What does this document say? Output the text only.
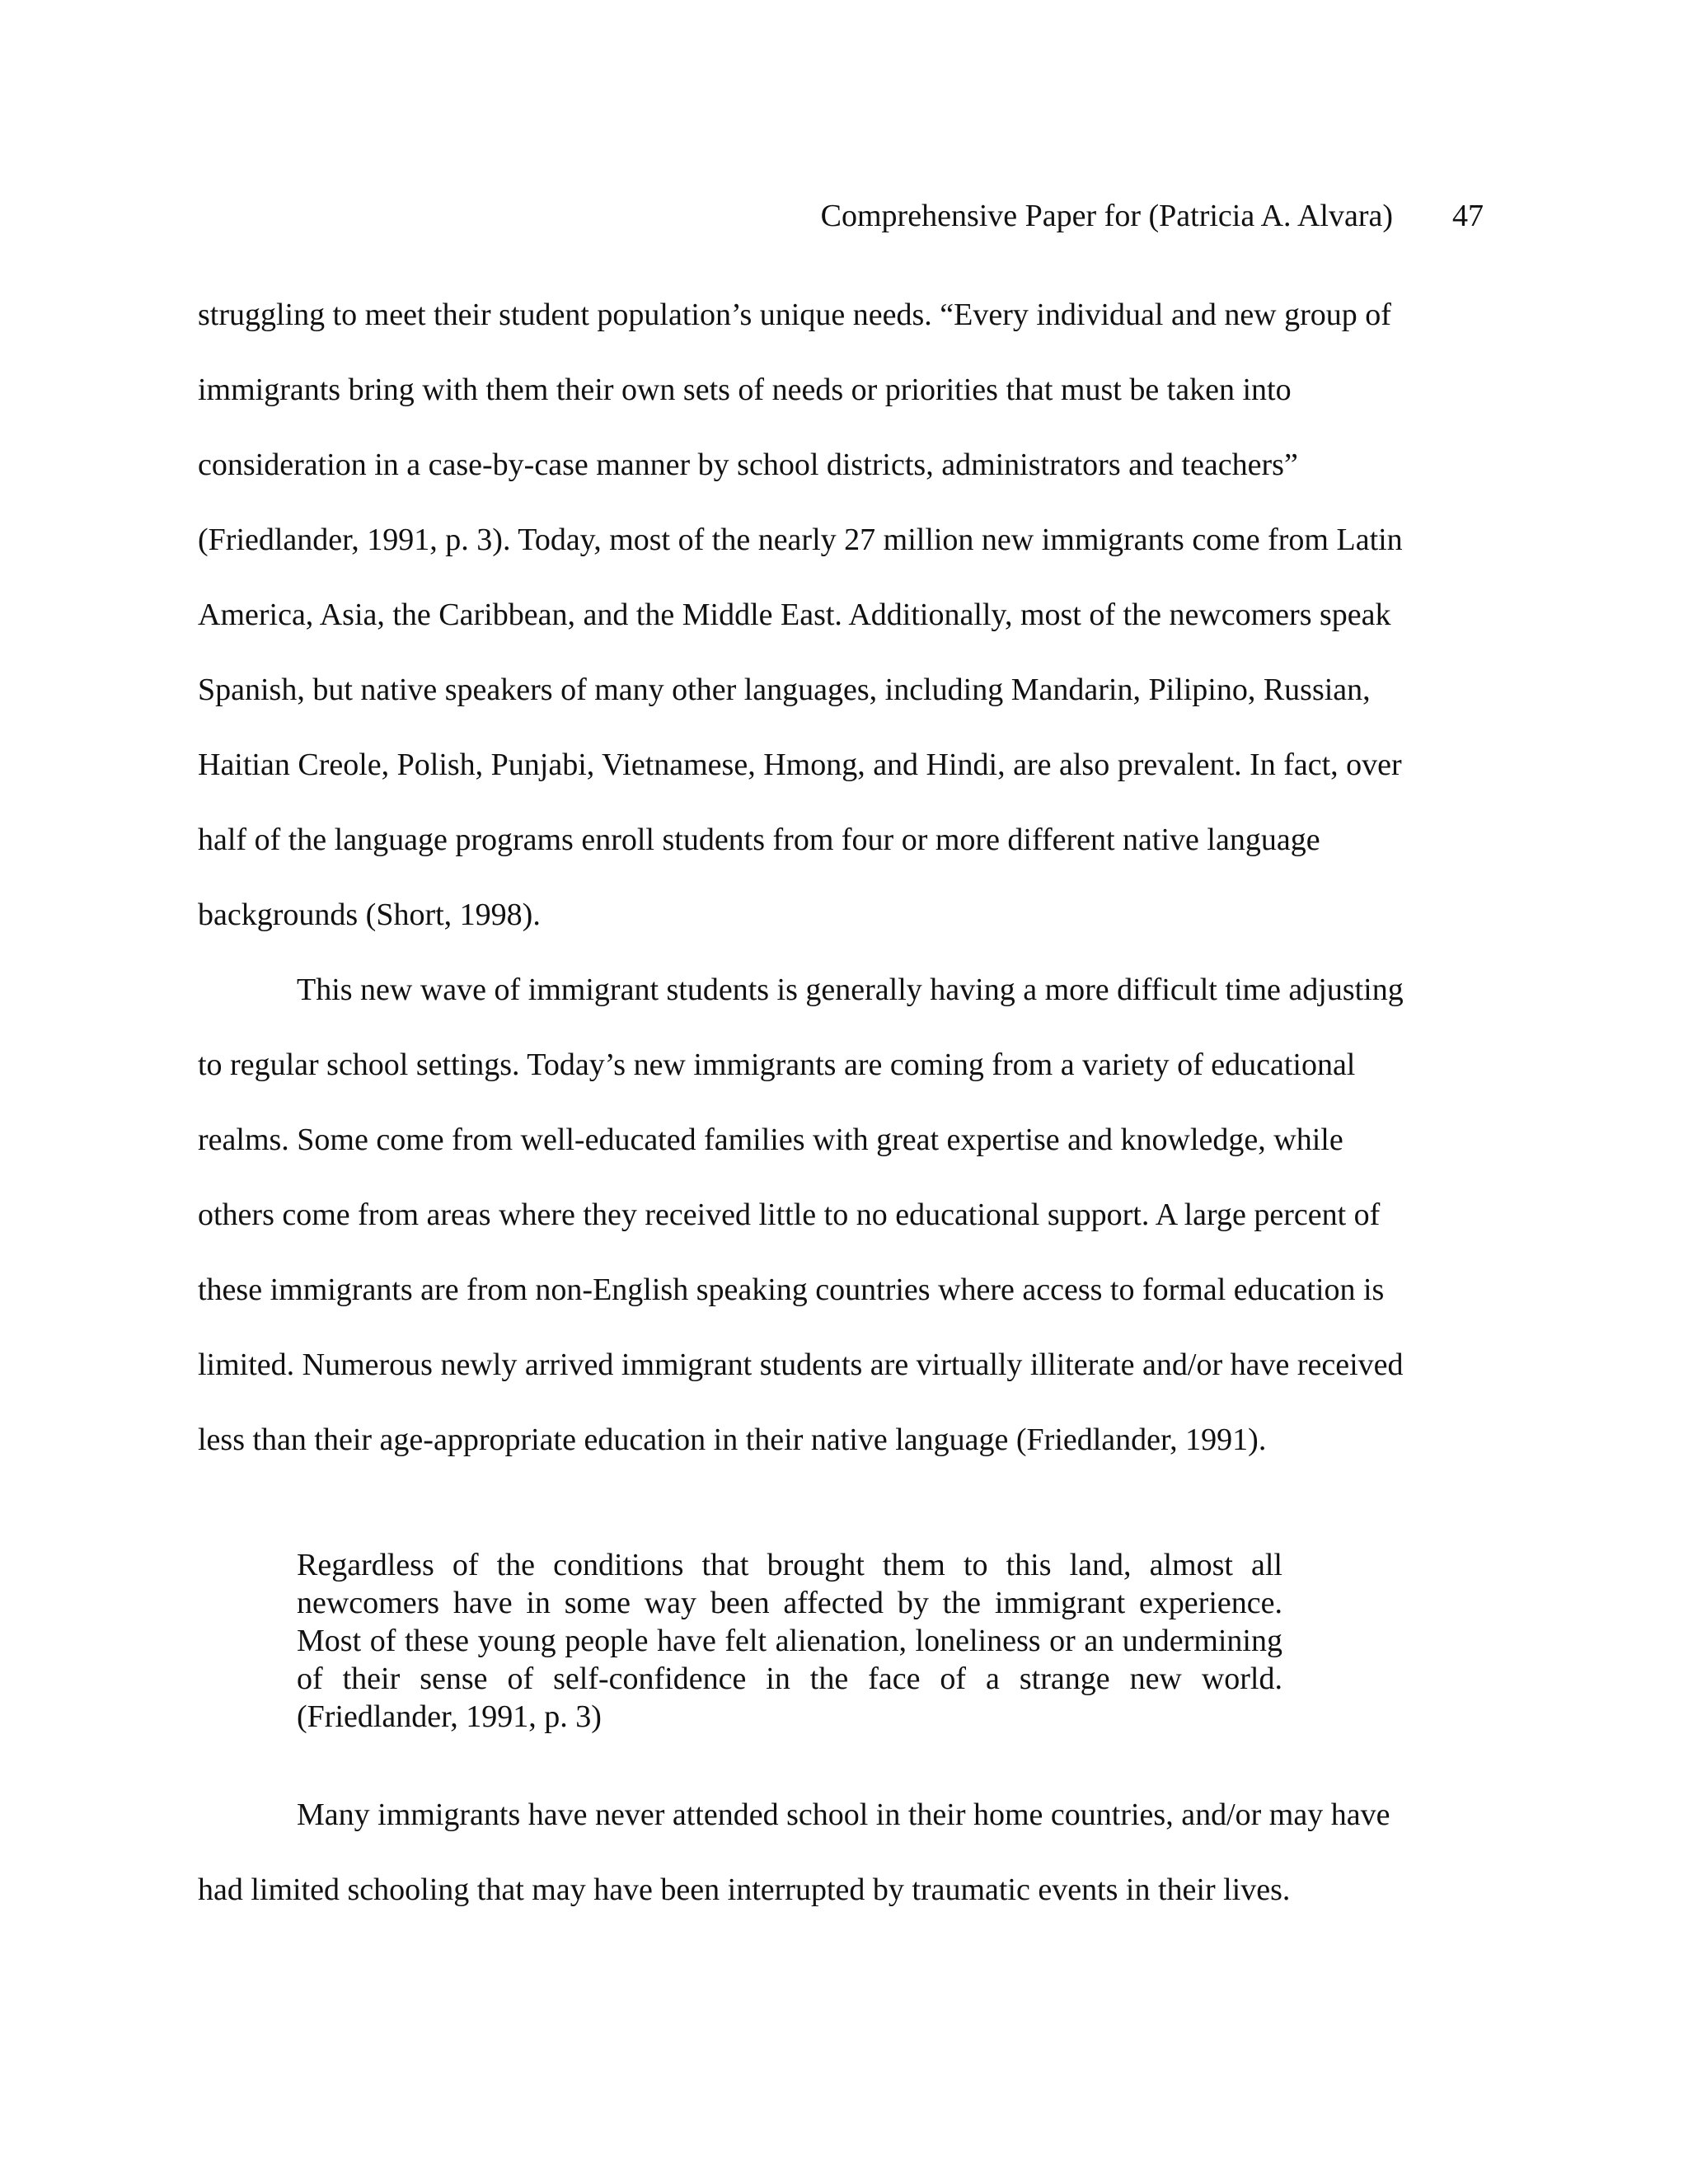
Comprehensive Paper for (Patricia A. Alvara) 47
struggling to meet their student population’s unique needs. “Every individual and new group of
immigrants bring with them their own sets of needs or priorities that must be taken into
consideration in a case-by-case manner by school districts, administrators and teachers”
(Friedlander, 1991, p. 3). Today, most of the nearly 27 million new immigrants come from Latin
America, Asia, the Caribbean, and the Middle East. Additionally, most of the newcomers speak
Spanish, but native speakers of many other languages, including Mandarin, Pilipino, Russian,
Haitian Creole, Polish, Punjabi, Vietnamese, Hmong, and Hindi, are also prevalent. In fact, over
half of the language programs enroll students from four or more different native language
backgrounds (Short, 1998).
This new wave of immigrant students is generally having a more difficult time adjusting
to regular school settings. Today’s new immigrants are coming from a variety of educational
realms. Some come from well-educated families with great expertise and knowledge, while
others come from areas where they received little to no educational support. A large percent of
these immigrants are from non-English speaking countries where access to formal education is
limited. Numerous newly arrived immigrant students are virtually illiterate and/or have received
less than their age-appropriate education in their native language (Friedlander, 1991).
Regardless of the conditions that brought them to this land, almost all newcomers have in some way been affected by the immigrant experience. Most of these young people have felt alienation, loneliness or an undermining of their sense of self-confidence in the face of a strange new world. (Friedlander, 1991, p. 3)
Many immigrants have never attended school in their home countries, and/or may have
had limited schooling that may have been interrupted by traumatic events in their lives.
